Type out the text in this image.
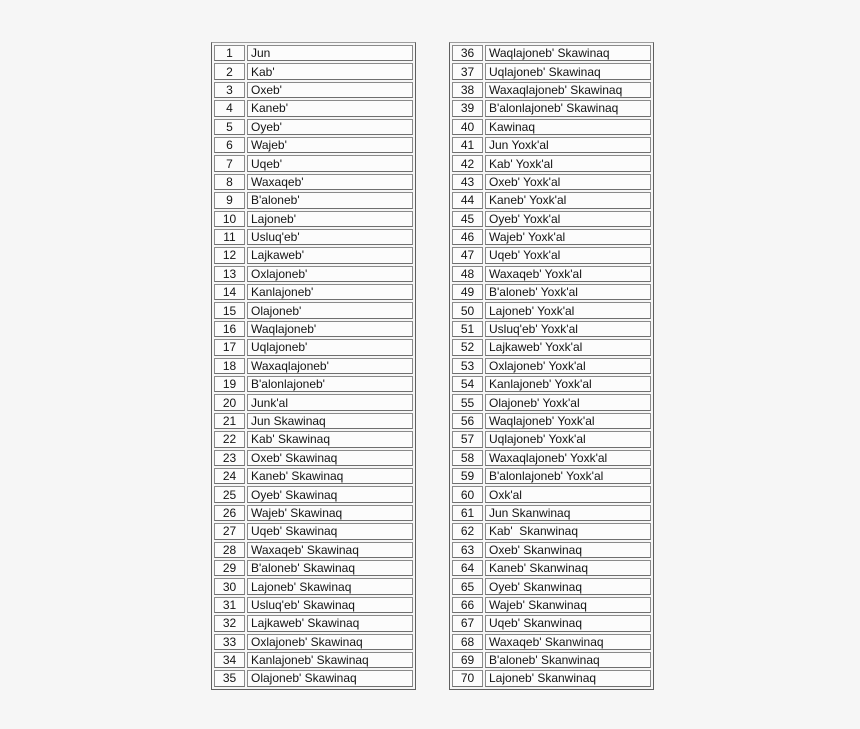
1	Jun
2	Kab'
3	Oxeb'
4	Kaneb'
5	Oyeb'
6	Wajeb'
7	Uqeb'
8	Waxaqeb'
9	B'aloneb'
10	Lajoneb'
11	Usluq'eb'
12	Lajkaweb'
13	Oxlajoneb'
14	Kanlajoneb'
15	Olajoneb'
16	Waqlajoneb'
17	Uqlajoneb'
18	Waxaqlajoneb'
19	B'alonlajoneb'
20	Junk'al
21	Jun Skawinaq
22	Kab' Skawinaq
23	Oxeb' Skawinaq
24	Kaneb' Skawinaq
25	Oyeb' Skawinaq
26	Wajeb' Skawinaq
27	Uqeb' Skawinaq
28	Waxaqeb' Skawinaq
29	B'aloneb' Skawinaq
30	Lajoneb' Skawinaq
31	Usluq'eb' Skawinaq
32	Lajkaweb' Skawinaq
33	Oxlajoneb' Skawinaq
34	Kanlajoneb' Skawinaq
35	Olajoneb' Skawinaq
36	Waqlajoneb' Skawinaq
37	Uqlajoneb' Skawinaq
38	Waxaqlajoneb' Skawinaq
39	B'alonlajoneb' Skawinaq
40	Kawinaq
41	Jun Yoxk'al
42	Kab' Yoxk'al
43	Oxeb' Yoxk'al
44	Kaneb' Yoxk'al
45	Oyeb' Yoxk'al
46	Wajeb' Yoxk'al
47	Uqeb' Yoxk'al
48	Waxaqeb' Yoxk'al
49	B'aloneb' Yoxk'al
50	Lajoneb' Yoxk'al
51	Usluq'eb' Yoxk'al
52	Lajkaweb' Yoxk'al
53	Oxlajoneb' Yoxk'al
54	Kanlajoneb' Yoxk'al
55	Olajoneb' Yoxk'al
56	Waqlajoneb' Yoxk'al
57	Uqlajoneb' Yoxk'al
58	Waxaqlajoneb' Yoxk'al
59	B'alonlajoneb' Yoxk'al
60	Oxk'al
61	Jun Skanwinaq
62	Kab'  Skanwinaq
63	Oxeb' Skanwinaq
64	Kaneb' Skanwinaq
65	Oyeb' Skanwinaq
66	Wajeb' Skanwinaq
67	Uqeb' Skanwinaq
68	Waxaqeb' Skanwinaq
69	B'aloneb' Skanwinaq
70	Lajoneb' Skanwinaq
